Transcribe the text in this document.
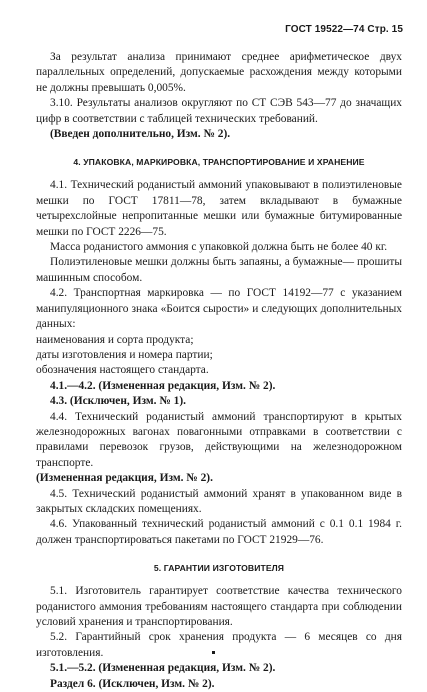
ГОСТ 19522—74 Стр. 15

За результат анализа принимают среднее арифметическое двух параллельных определений, допускаемые расхождения между которыми не должны превышать 0,005%.

3.10. Результаты анализов округляют по СТ СЭВ 543—77 до значащих цифр в соответствии с таблицей технических требований.

(Введен дополнительно, Изм. № 2).

4. УПАКОВКА, МАРКИРОВКА, ТРАНСПОРТИРОВАНИЕ И ХРАНЕНИЕ

4.1. Технический роданистый аммоний упаковывают в полиэтиленовые мешки по ГОСТ 17811—78, затем вкладывают в бумажные четырехслойные непропитанные мешки или бумажные битумированные мешки по ГОСТ 2226—75.

Масса роданистого аммония с упаковкой должна быть не более 40 кг.

Полиэтиленовые мешки должны быть запаяны, а бумажные— прошиты машинным способом.

4.2. Транспортная маркировка — по ГОСТ 14192—77 с указанием манипуляционного знака «Боится сырости» и следующих дополнительных данных:

наименования и сорта продукта;

даты изготовления и номера партии;

обозначения настоящего стандарта.

4.1.—4.2. (Измененная редакция, Изм. № 2).

4.3. (Исключен, Изм. № 1).

4.4. Технический роданистый аммоний транспортируют в крытых железнодорожных вагонах повагонными отправками в соответствии с правилами перевозок грузов, действующими на железнодорожном транспорте.

(Измененная редакция, Изм. № 2).

4.5. Технический роданистый аммоний хранят в упакованном виде в закрытых складских помещениях.

4.6. Упакованный технический роданистый аммоний с 0.1 0.1 1984 г. должен транспортироваться пакетами по ГОСТ 21929—76.

5. ГАРАНТИИ ИЗГОТОВИТЕЛЯ

5.1. Изготовитель гарантирует соответствие качества технического роданистого аммония требованиям настоящего стандарта при соблюдении условий хранения и транспортирования.

5.2. Гарантийный срок хранения продукта — 6 месяцев со дня изготовления.

5.1.—5.2. (Измененная редакция, Изм. № 2).

Раздел 6. (Исключен, Изм. № 2).
